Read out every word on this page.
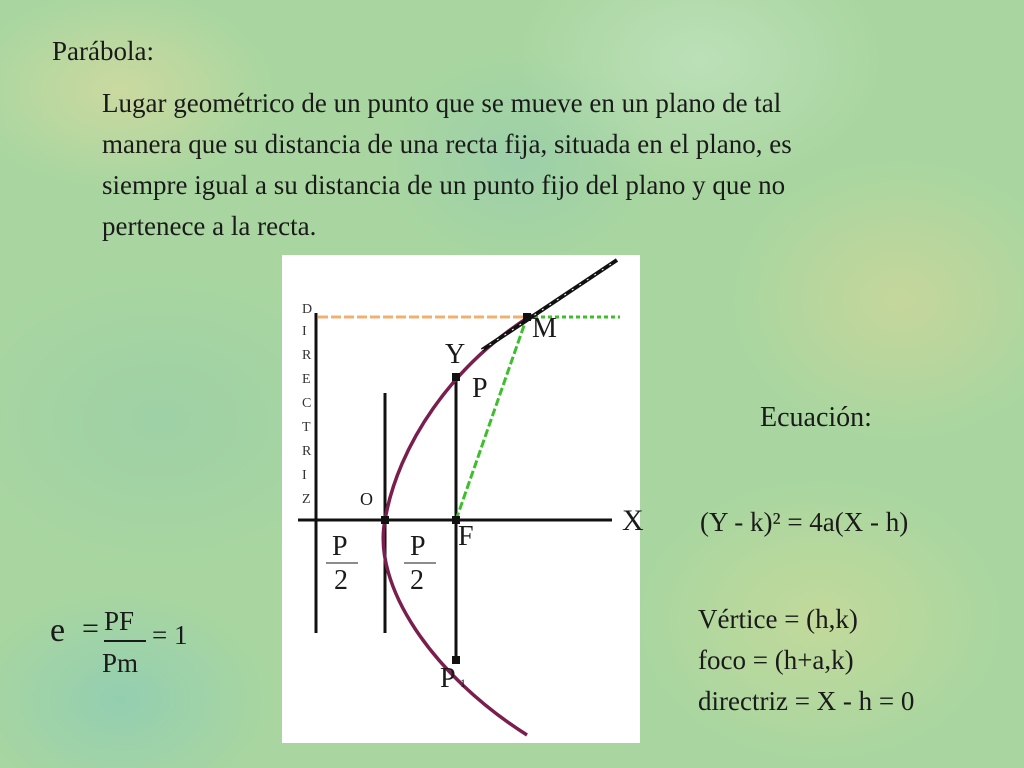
Parábola:
Lugar geométrico de un punto que se mueve en un plano de tal
manera que su distancia de una recta fija, situada en el plano, es
siempre igual a su distancia de un punto fijo del plano y que no
pertenece a la recta.
D
I
R
E
C
T
R
I
Z
M
Y
P
O
X
F
P 1
P
2
P
2
e = PF
Pm
= 1
Ecuación:
(Y - k)² = 4a(X - h)
Vértice = (h,k)
foco = (h+a,k)
directriz = X - h = 0
